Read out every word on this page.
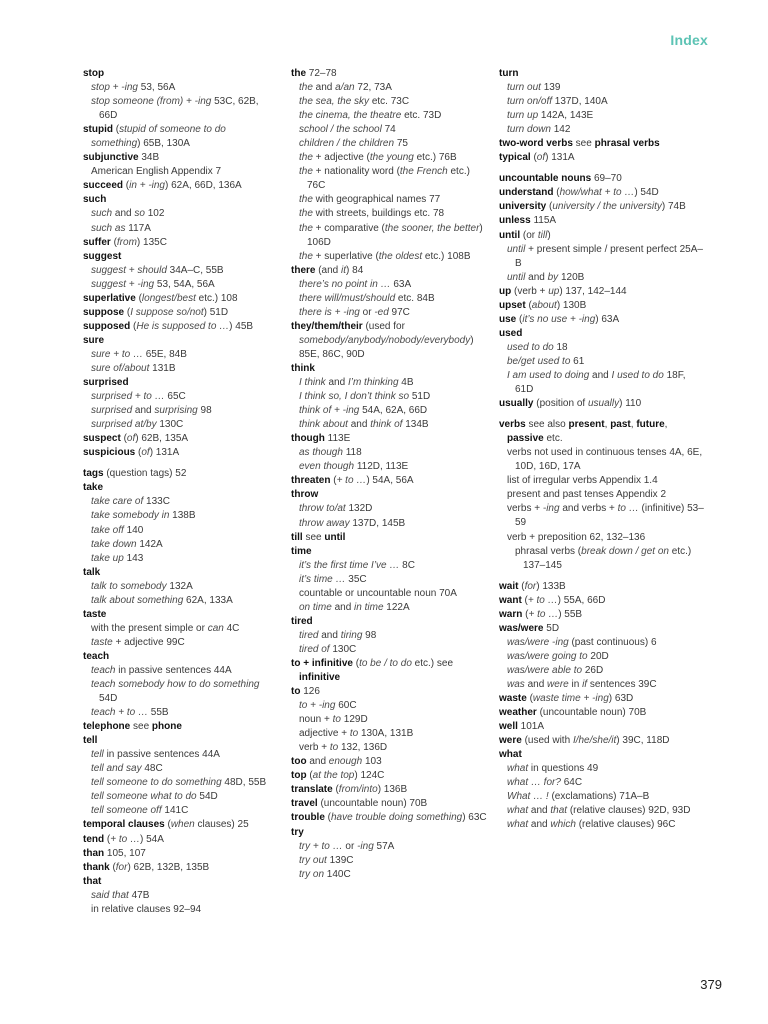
Index
stop
stop + -ing 53, 56A
stop someone (from) + -ing 53C, 62B, 66D
stupid (stupid of someone to do something) 65B, 130A
subjunctive 34B
American English Appendix 7
succeed (in + -ing) 62A, 66D, 136A
such
such and so 102
such as 117A
suffer (from) 135C
suggest
suggest + should 34A–C, 55B
suggest + -ing 53, 54A, 56A
superlative (longest/best etc.) 108
suppose (I suppose so/not) 51D
supposed (He is supposed to …) 45B
sure
sure + to … 65E, 84B
sure of/about 131B
surprised
surprised + to … 65C
surprised and surprising 98
surprised at/by 130C
suspect (of) 62B, 135A
suspicious (of) 131A
tags (question tags) 52
take
take care of 133C
take somebody in 138B
take off 140
take down 142A
take up 143
talk
talk to somebody 132A
talk about something 62A, 133A
taste
with the present simple or can 4C
taste + adjective 99C
teach
teach in passive sentences 44A
teach somebody how to do something 54D
teach + to … 55B
telephone see phone
tell
tell in passive sentences 44A
tell and say 48C
tell someone to do something 48D, 55B
tell someone what to do 54D
tell someone off 141C
temporal clauses (when clauses) 25
tend (+ to …) 54A
than 105, 107
thank (for) 62B, 132B, 135B
that
said that 47B
in relative clauses 92–94
the 72–78
the and a/an 72, 73A
the sea, the sky etc. 73C
the cinema, the theatre etc. 73D
school / the school 74
children / the children 75
the + adjective (the young etc.) 76B
the + nationality word (the French etc.) 76C
the with geographical names 77
the with streets, buildings etc. 78
the + comparative (the sooner, the better) 106D
the + superlative (the oldest etc.) 108B
there (and it) 84
there’s no point in … 63A
there will/must/should etc. 84B
there is + -ing or -ed 97C
they/them/their (used for somebody/anybody/nobody/everybody) 85E, 86C, 90D
think
I think and I’m thinking 4B
I think so, I don’t think so 51D
think of + -ing 54A, 62A, 66D
think about and think of 134B
though 113E
as though 118
even though 112D, 113E
threaten (+ to …) 54A, 56A
throw
throw to/at 132D
throw away 137D, 145B
till see until
time
it’s the first time I’ve … 8C
it’s time … 35C
countable or uncountable noun 70A
on time and in time 122A
tired
tired and tiring 98
tired of 130C
to + infinitive (to be / to do etc.) see infinitive
to 126
to + -ing 60C
noun + to 129D
adjective + to 130A, 131B
verb + to 132, 136D
too and enough 103
top (at the top) 124C
translate (from/into) 136B
travel (uncountable noun) 70B
trouble (have trouble doing something) 63C
try
try + to … or -ing 57A
try out 139C
try on 140C
turn
turn out 139
turn on/off 137D, 140A
turn up 142A, 143E
turn down 142
two-word verbs see phrasal verbs
typical (of) 131A
uncountable nouns 69–70
understand (how/what + to …) 54D
university (university / the university) 74B
unless 115A
until (or till)
until + present simple / present perfect 25A–B
until and by 120B
up (verb + up) 137, 142–144
upset (about) 130B
use (it’s no use + -ing) 63A
used
used to do 18
be/get used to 61
I am used to doing and I used to do 18F, 61D
usually (position of usually) 110
verbs see also present, past, future, passive etc.
verbs not used in continuous tenses 4A, 6E, 10D, 16D, 17A
list of irregular verbs Appendix 1.4
present and past tenses Appendix 2
verbs + -ing and verbs + to … (infinitive) 53–59
verb + preposition 62, 132–136
phrasal verbs (break down / get on etc.) 137–145
wait (for) 133B
want (+ to …) 55A, 66D
warn (+ to …) 55B
was/were 5D
was/were -ing (past continuous) 6
was/were going to 20D
was/were able to 26D
was and were in if sentences 39C
waste (waste time + -ing) 63D
weather (uncountable noun) 70B
well 101A
were (used with I/he/she/it) 39C, 118D
what
what in questions 49
what … for? 64C
What … ! (exclamations) 71A–B
what and that (relative clauses) 92D, 93D
what and which (relative clauses) 96C
379
